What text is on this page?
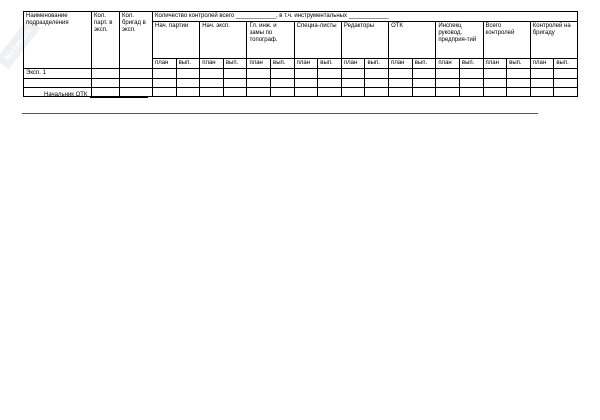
Normalx
Наименование подразделения	Кол. парт. в эксп.	Кол. бригад в эксп.	Количество контролей всего ____________, в т.ч. инструментальных ____________																	
			Нач. партии		Нач. эксп.		Гл. инж. и замы по топограф.		Специа-листы		Редакторы		ОТК		Инспекц руковод. предприя-тий		Всего контролей		Контролей на бригаду	
			план	вып.	план	вып.	план	вып.	план	вып.	план	вып.	план	вып.	план	вып.	план	вып.	план	вып.
Эксп. 1																				

Начальник ОТК
